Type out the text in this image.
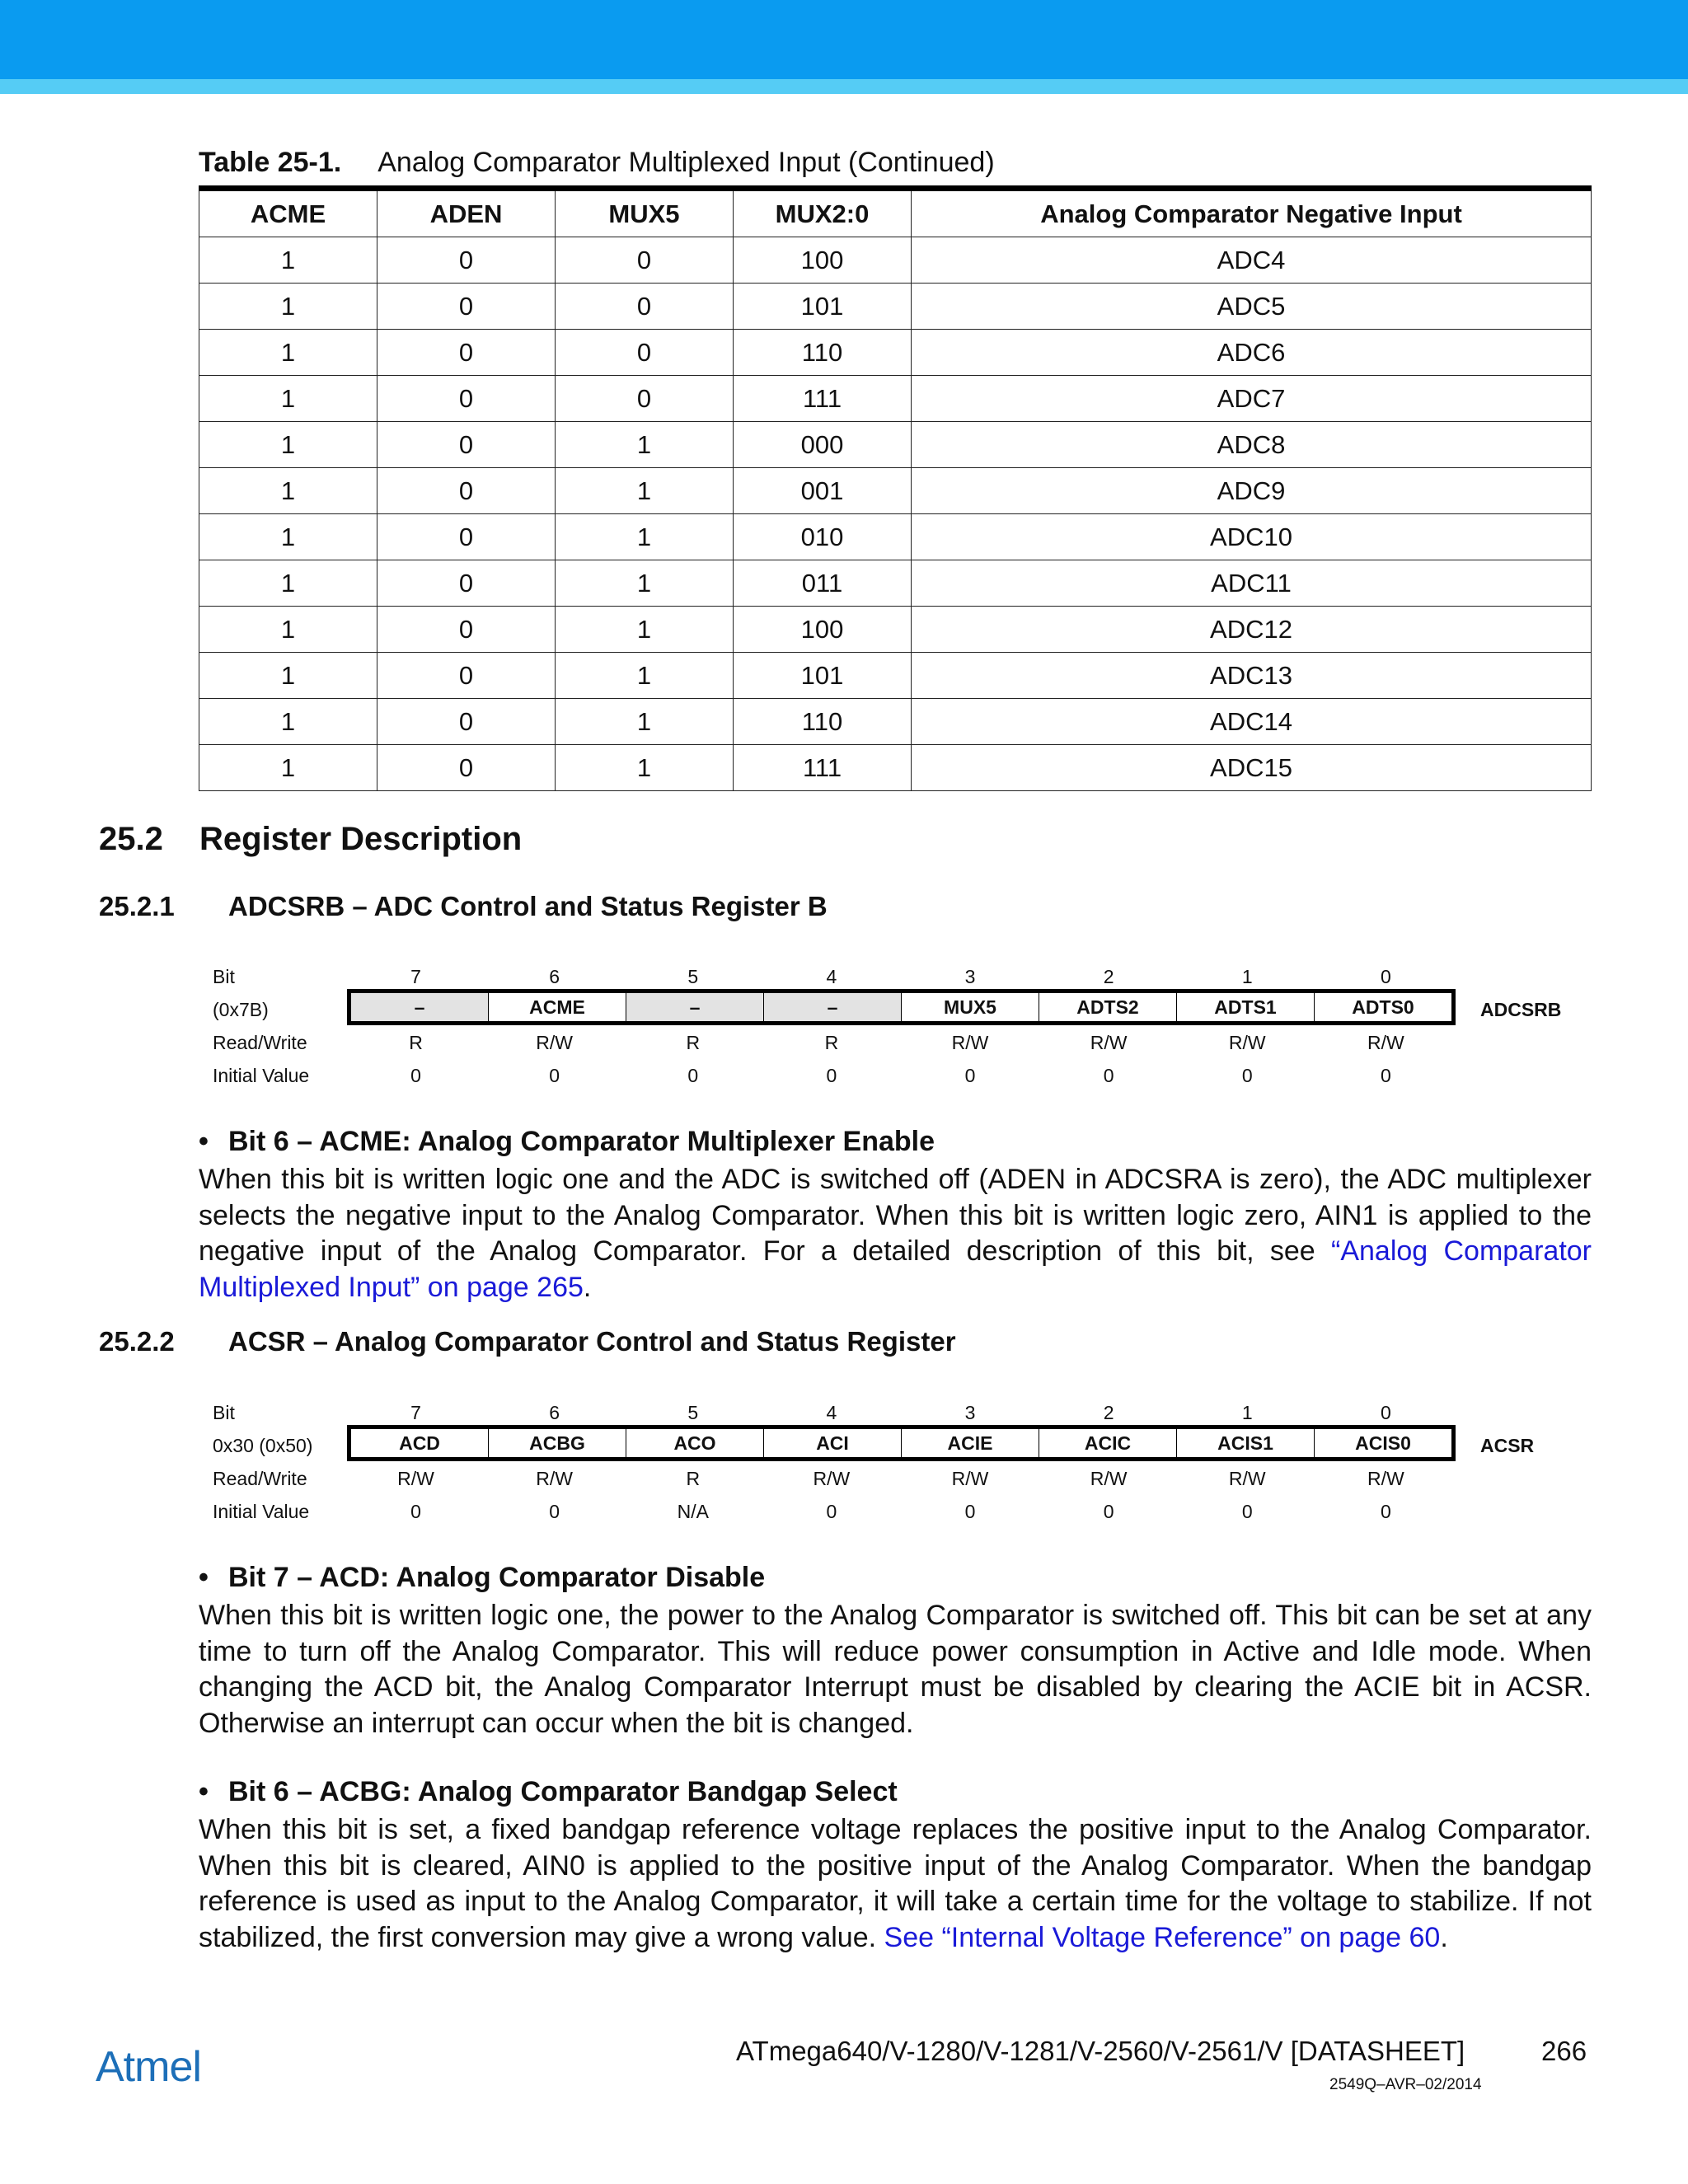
Table 25-1. Analog Comparator Multiplexed Input (Continued)
ACME	ADEN	MUX5	MUX2:0	Analog Comparator Negative Input
1	0	0	100	ADC4
1	0	0	101	ADC5
1	0	0	110	ADC6
1	0	0	111	ADC7
1	0	1	000	ADC8
1	0	1	001	ADC9
1	0	1	010	ADC10
1	0	1	011	ADC11
1	0	1	100	ADC12
1	0	1	101	ADC13
1	0	1	110	ADC14
1	0	1	111	ADC15
25.2 Register Description
25.2.1 ADCSRB – ADC Control and Status Register B
Bit	7	6	5	4	3	2	1	0
(0x7B)	–	ACME	–	–	MUX5	ADTS2	ADTS1	ADTS0	ADCSRB
Read/Write	R	R/W	R	R	R/W	R/W	R/W	R/W
Initial Value	0	0	0	0	0	0	0	0
• Bit 6 – ACME: Analog Comparator Multiplexer Enable
When this bit is written logic one and the ADC is switched off (ADEN in ADCSRA is zero), the ADC multiplexer selects the negative input to the Analog Comparator. When this bit is written logic zero, AIN1 is applied to the negative input of the Analog Comparator. For a detailed description of this bit, see “Analog Comparator Multiplexed Input” on page 265.
25.2.2 ACSR – Analog Comparator Control and Status Register
Bit	7	6	5	4	3	2	1	0
0x30 (0x50)	ACD	ACBG	ACO	ACI	ACIE	ACIC	ACIS1	ACIS0	ACSR
Read/Write	R/W	R/W	R	R/W	R/W	R/W	R/W	R/W
Initial Value	0	0	N/A	0	0	0	0	0
• Bit 7 – ACD: Analog Comparator Disable
When this bit is written logic one, the power to the Analog Comparator is switched off. This bit can be set at any time to turn off the Analog Comparator. This will reduce power consumption in Active and Idle mode. When changing the ACD bit, the Analog Comparator Interrupt must be disabled by clearing the ACIE bit in ACSR. Otherwise an interrupt can occur when the bit is changed.
• Bit 6 – ACBG: Analog Comparator Bandgap Select
When this bit is set, a fixed bandgap reference voltage replaces the positive input to the Analog Comparator. When this bit is cleared, AIN0 is applied to the positive input of the Analog Comparator. When the bandgap reference is used as input to the Analog Comparator, it will take a certain time for the voltage to stabilize. If not stabilized, the first conversion may give a wrong value. See “Internal Voltage Reference” on page 60.
Atmel	ATmega640/V-1280/V-1281/V-2560/V-2561/V [DATASHEET]	266
2549Q–AVR–02/2014
